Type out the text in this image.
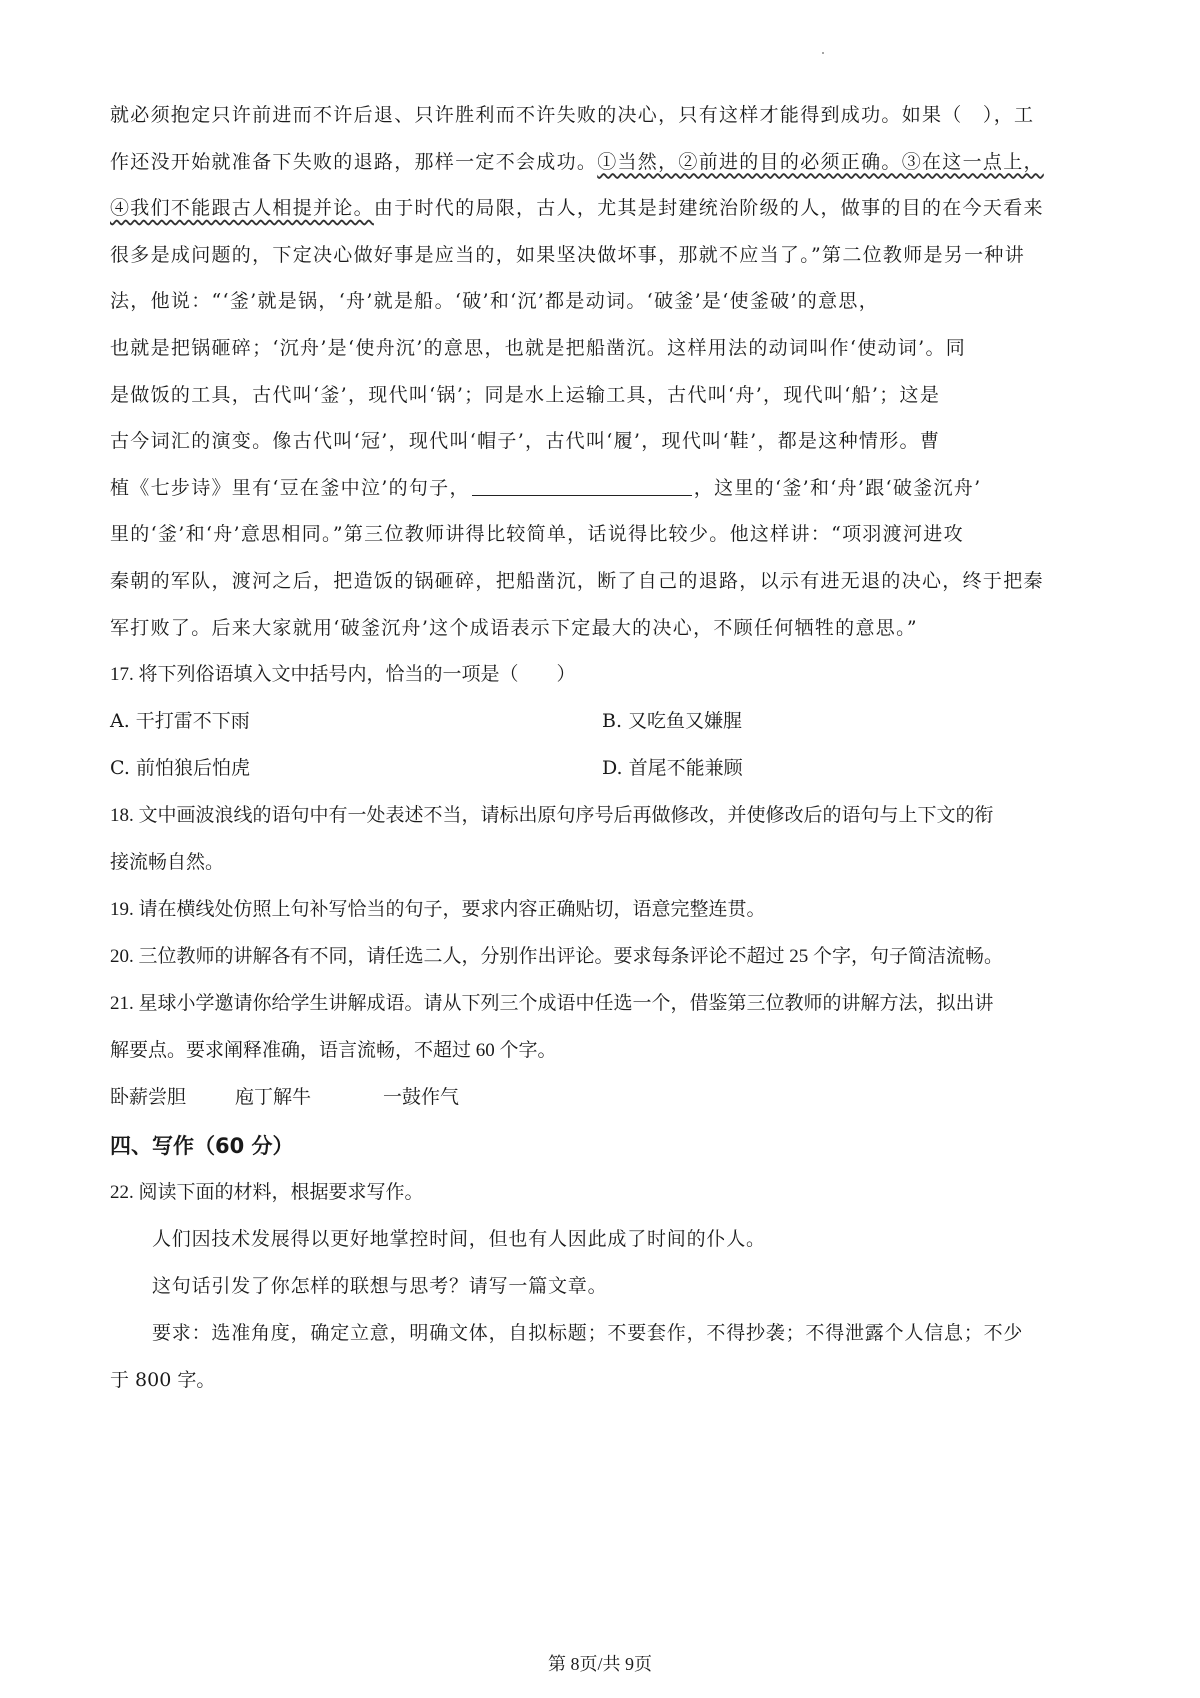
就必须抱定只许前进而不许后退、只许胜利而不许失败的决心，只有这样才能得到成功。如果（　），工
作还没开始就准备下失败的退路，那样一定不会成功。①当然，②前进的目的必须正确。③在这一点上，
④我们不能跟古人相提并论。由于时代的局限，古人，尤其是封建统治阶级的人，做事的目的在今天看来
很多是成问题的，下定决心做好事是应当的，如果坚决做坏事，那就不应当了。”第二位教师是另一种讲
法，他说：“‘釜’就是锅，‘舟’就是船。‘破’和‘沉’都是动词。‘破釜’是‘使釜破’的意思，
也就是把锅砸碎；‘沉舟’是‘使舟沉’的意思，也就是把船凿沉。这样用法的动词叫作‘使动词’。同
是做饭的工具，古代叫‘釜’，现代叫‘锅’；同是水上运输工具，古代叫‘舟’，现代叫‘船’；这是
古今词汇的演变。像古代叫‘冠’，现代叫‘帽子’，古代叫‘履’，现代叫‘鞋’，都是这种情形。曹
植《七步诗》里有‘豆在釜中泣’的句子，	，这里的‘釜’和‘舟’跟‘破釜沉舟’
里的‘釜’和‘舟’意思相同。”第三位教师讲得比较简单，话说得比较少。他这样讲：“项羽渡河进攻
秦朝的军队，渡河之后，把造饭的锅砸碎，把船凿沉，断了自己的退路，以示有进无退的决心，终于把秦
军打败了。后来大家就用‘破釜沉舟’这个成语表示下定最大的决心，不顾任何牺牲的意思。”
17. 将下列俗语填入文中括号内，恰当的一项是（　　）
A. 干打雷不下雨	B. 又吃鱼又嫌腥
C. 前怕狼后怕虎	D. 首尾不能兼顾
18. 文中画波浪线的语句中有一处表述不当，请标出原句序号后再做修改，并使修改后的语句与上下文的衔
接流畅自然。
19. 请在横线处仿照上句补写恰当的句子，要求内容正确贴切，语意完整连贯。
20. 三位教师的讲解各有不同，请任选二人，分别作出评论。要求每条评论不超过 25 个字，句子简洁流畅。
21. 星球小学邀请你给学生讲解成语。请从下列三个成语中任选一个，借鉴第三位教师的讲解方法，拟出讲
解要点。要求阐释准确，语言流畅，不超过 60 个字。
卧薪尝胆	庖丁解牛	一鼓作气
四、写作（60 分）
22. 阅读下面的材料，根据要求写作。
人们因技术发展得以更好地掌控时间，但也有人因此成了时间的仆人。
这句话引发了你怎样的联想与思考？请写一篇文章。
要求：选准角度，确定立意，明确文体，自拟标题；不要套作，不得抄袭；不得泄露个人信息；不少
于 800 字。
第 8页/共 9页
